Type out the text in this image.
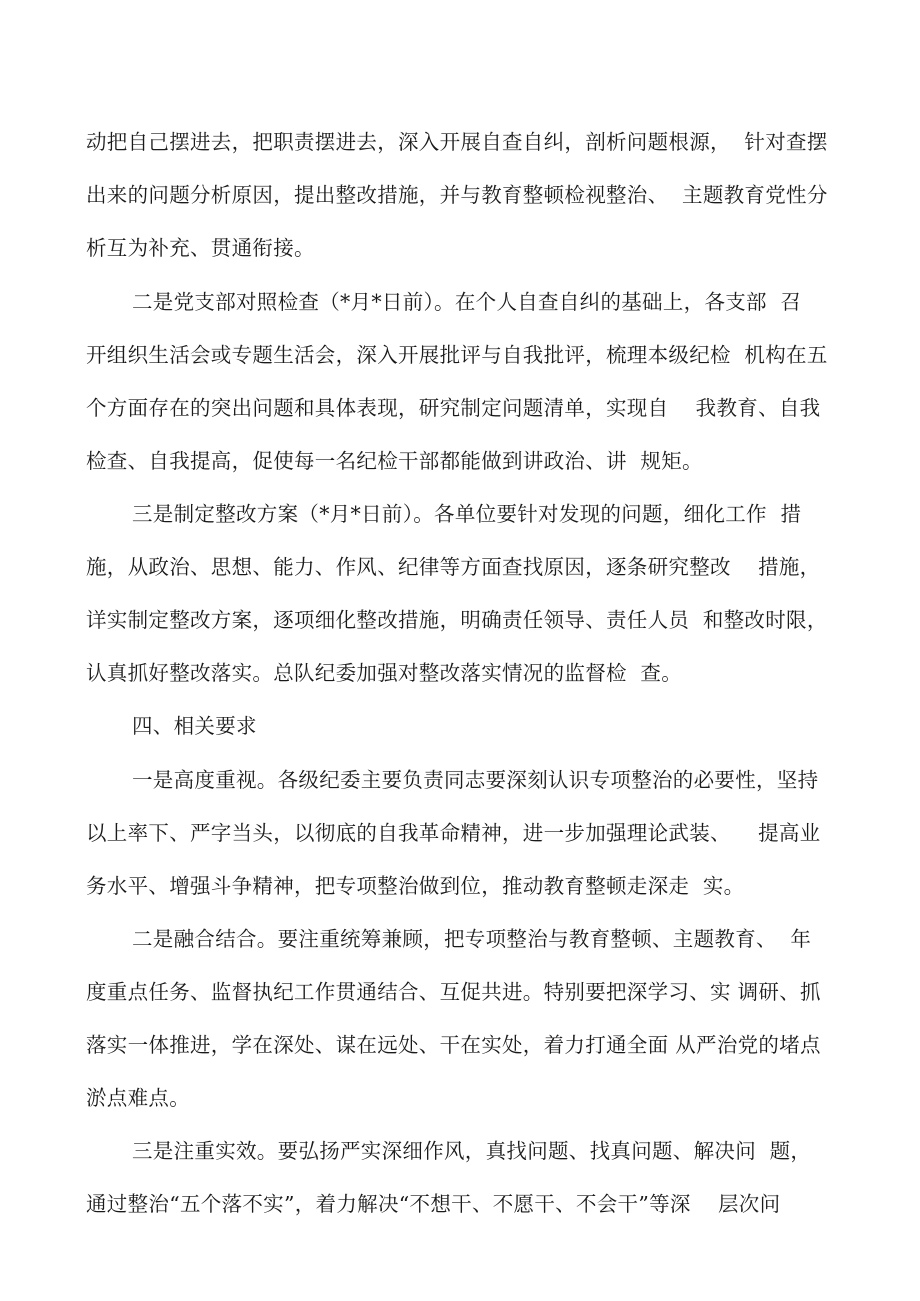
动把自己摆进去，把职责摆进去，深入开展自查自纠，剖析问题根源，  针对查摆
出来的问题分析原因，提出整改措施，并与教育整顿检视整治、  主题教育党性分
析互为补充、贯通衔接。
二是党支部对照检查（*月*日前）。在个人自查自纠的基础上，各支部  召
开组织生活会或专题生活会，深入开展批评与自我批评，梳理本级纪检  机构在五
个方面存在的突出问题和具体表现，研究制定问题清单，实现自    我教育、自我
检查、自我提高，促使每一名纪检干部都能做到讲政治、讲  规矩。
三是制定整改方案（*月*日前）。各单位要针对发现的问题，细化工作  措
施，从政治、思想、能力、作风、纪律等方面查找原因，逐条研究整改    措施，
详实制定整改方案，逐项细化整改措施，明确责任领导、责任人员  和整改时限，
认真抓好整改落实。总队纪委加强对整改落实情况的监督检  查。
四、相关要求
一是高度重视。各级纪委主要负责同志要深刻认识专项整治的必要性，坚持
以上率下、严字当头，以彻底的自我革命精神，进一步加强理论武装、    提高业
务水平、增强斗争精神，把专项整治做到位，推动教育整顿走深走  实。
二是融合结合。要注重统筹兼顾，把专项整治与教育整顿、主题教育、  年
度重点任务、监督执纪工作贯通结合、互促共进。特别要把深学习、实 调研、抓
落实一体推进，学在深处、谋在远处、干在实处，着力打通全面 从严治党的堵点
淤点难点。
三是注重实效。要弘扬严实深细作风，真找问题、找真问题、解决问  题，
通过整治“五个落不实”，着力解决“不想干、不愿干、不会干”等深    层次问
